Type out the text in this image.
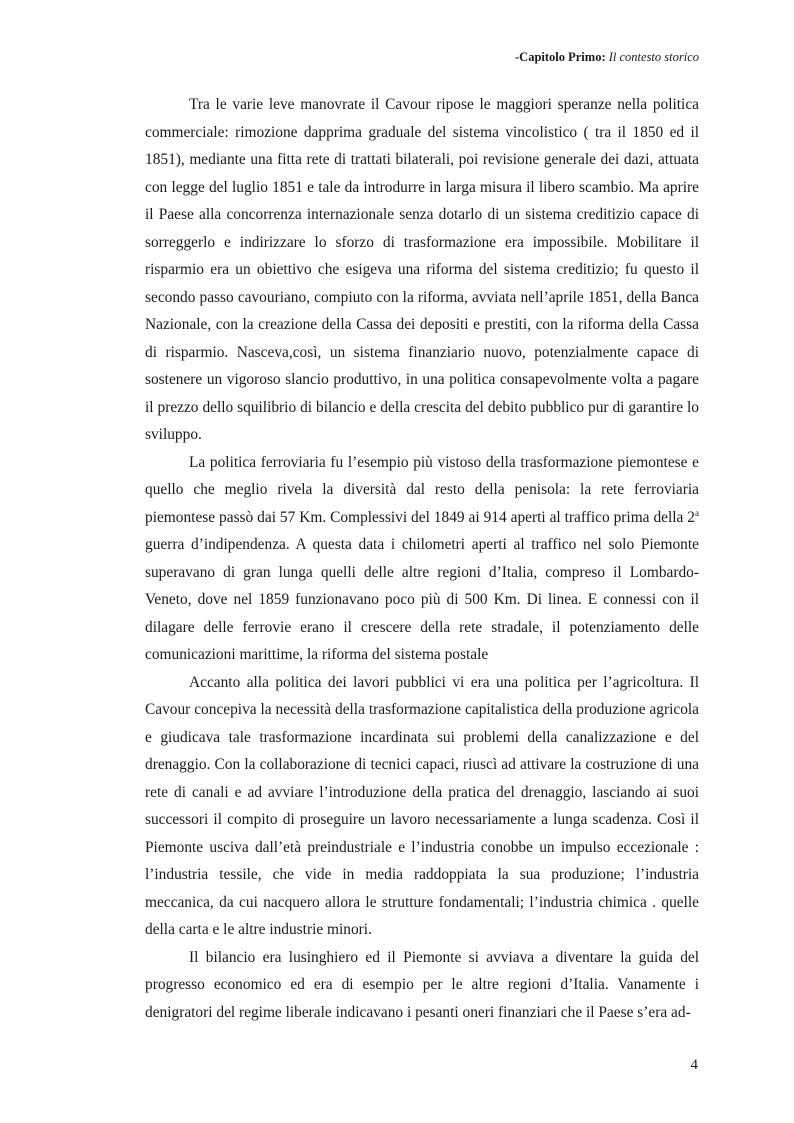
-Capitolo Primo: Il contesto storico

Tra le varie leve manovrate il Cavour ripose le maggiori speranze nella politica commerciale: rimozione dapprima graduale del sistema vincolistico ( tra il 1850 ed il 1851), mediante una fitta rete di trattati bilaterali, poi revisione generale dei dazi, attuata con legge del luglio 1851 e tale da introdurre in larga misura il libero scambio. Ma aprire il Paese alla concorrenza internazionale senza dotarlo di un sistema creditizio capace di sorreggerlo e indirizzare lo sforzo di trasformazione era impossibile. Mobilitare il risparmio era un obiettivo che esigeva una riforma del sistema creditizio; fu questo il secondo passo cavouriano, compiuto con la riforma, avviata nell’aprile 1851, della Banca Nazionale, con la creazione della Cassa dei depositi e prestiti, con la riforma della Cassa di risparmio. Nasceva,così, un sistema finanziario nuovo, potenzialmente capace di sostenere un vigoroso slancio produttivo, in una politica consapevolmente volta a pagare il prezzo dello squilibrio di bilancio e della crescita del debito pubblico pur di garantire lo sviluppo.

La politica ferroviaria fu l’esempio più vistoso della trasformazione piemontese e quello che meglio rivela la diversità dal resto della penisola: la rete ferroviaria piemontese passò dai 57 Km. Complessivi del 1849 ai 914 aperti al traffico prima della 2$^a$ guerra d’indipendenza. A questa data i chilometri aperti al traffico nel solo Piemonte superavano di gran lunga quelli delle altre regioni d’Italia, compreso il Lombardo-Veneto, dove nel 1859 funzionavano poco più di 500 Km. Di linea. E connessi con il dilagare delle ferrovie erano il crescere della rete stradale, il potenziamento delle comunicazioni marittime, la riforma del sistema postale

Accanto alla politica dei lavori pubblici vi era una politica per l’agricoltura. Il Cavour concepiva la necessità della trasformazione capitalistica della produzione agricola e giudicava tale trasformazione incardinata sui problemi della canalizzazione e del drenaggio. Con la collaborazione di tecnici capaci, riuscì ad attivare la costruzione di una rete di canali e ad avviare l’introduzione della pratica del drenaggio, lasciando ai suoi successori il compito di proseguire un lavoro necessariamente a lunga scadenza. Così il Piemonte usciva dall’età preindustriale e l’industria conobbe un impulso eccezionale : l’industria tessile, che vide in media raddoppiata la sua produzione; l’industria meccanica, da cui nacquero allora le strutture fondamentali; l’industria chimica . quelle della carta e le altre industrie minori.

Il bilancio era lusinghiero ed il Piemonte si avviava a diventare la guida del progresso economico ed era di esempio per le altre regioni d’Italia. Vanamente i denigratori del regime liberale indicavano i pesanti oneri finanziari che il Paese s’era ad-

4
